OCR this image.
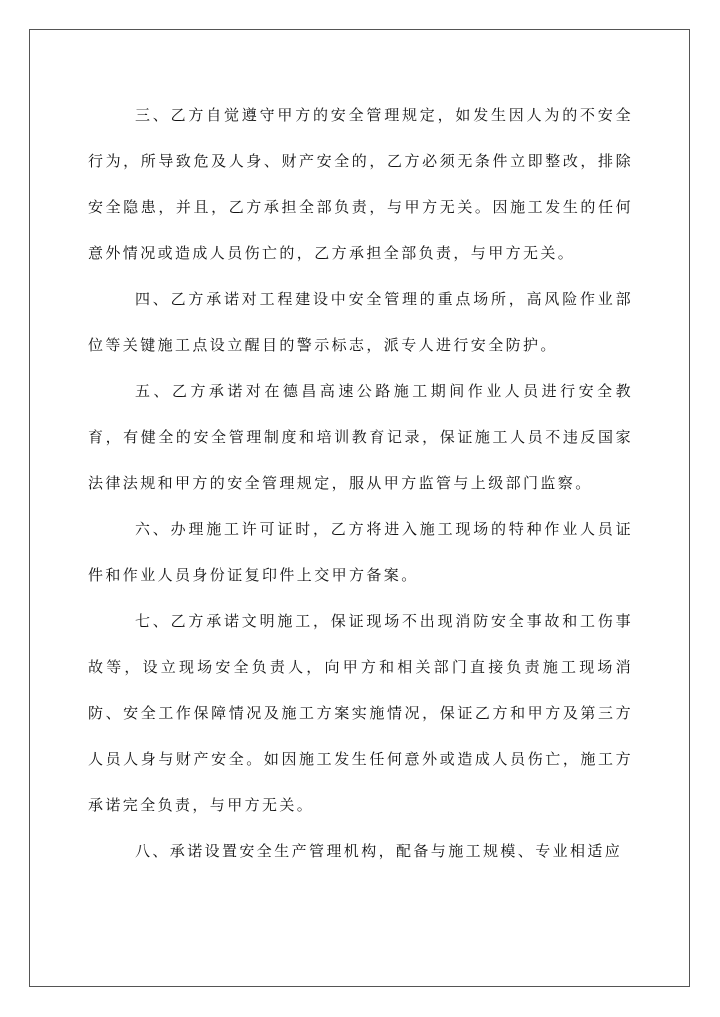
三、乙方自觉遵守甲方的安全管理规定，如发生因人为的不安全行为，所导致危及人身、财产安全的，乙方必须无条件立即整改，排除安全隐患，并且，乙方承担全部负责，与甲方无关。因施工发生的任何意外情况或造成人员伤亡的，乙方承担全部负责，与甲方无关。

四、乙方承诺对工程建设中安全管理的重点场所，高风险作业部位等关键施工点设立醒目的警示标志，派专人进行安全防护。

五、乙方承诺对在德昌高速公路施工期间作业人员进行安全教育，有健全的安全管理制度和培训教育记录，保证施工人员不违反国家法律法规和甲方的安全管理规定，服从甲方监管与上级部门监察。

六、办理施工许可证时，乙方将进入施工现场的特种作业人员证件和作业人员身份证复印件上交甲方备案。

七、乙方承诺文明施工，保证现场不出现消防安全事故和工伤事故等，设立现场安全负责人，向甲方和相关部门直接负责施工现场消防、安全工作保障情况及施工方案实施情况，保证乙方和甲方及第三方人员人身与财产安全。如因施工发生任何意外或造成人员伤亡，施工方承诺完全负责，与甲方无关。

八、承诺设置安全生产管理机构，配备与施工规模、专业相适应
